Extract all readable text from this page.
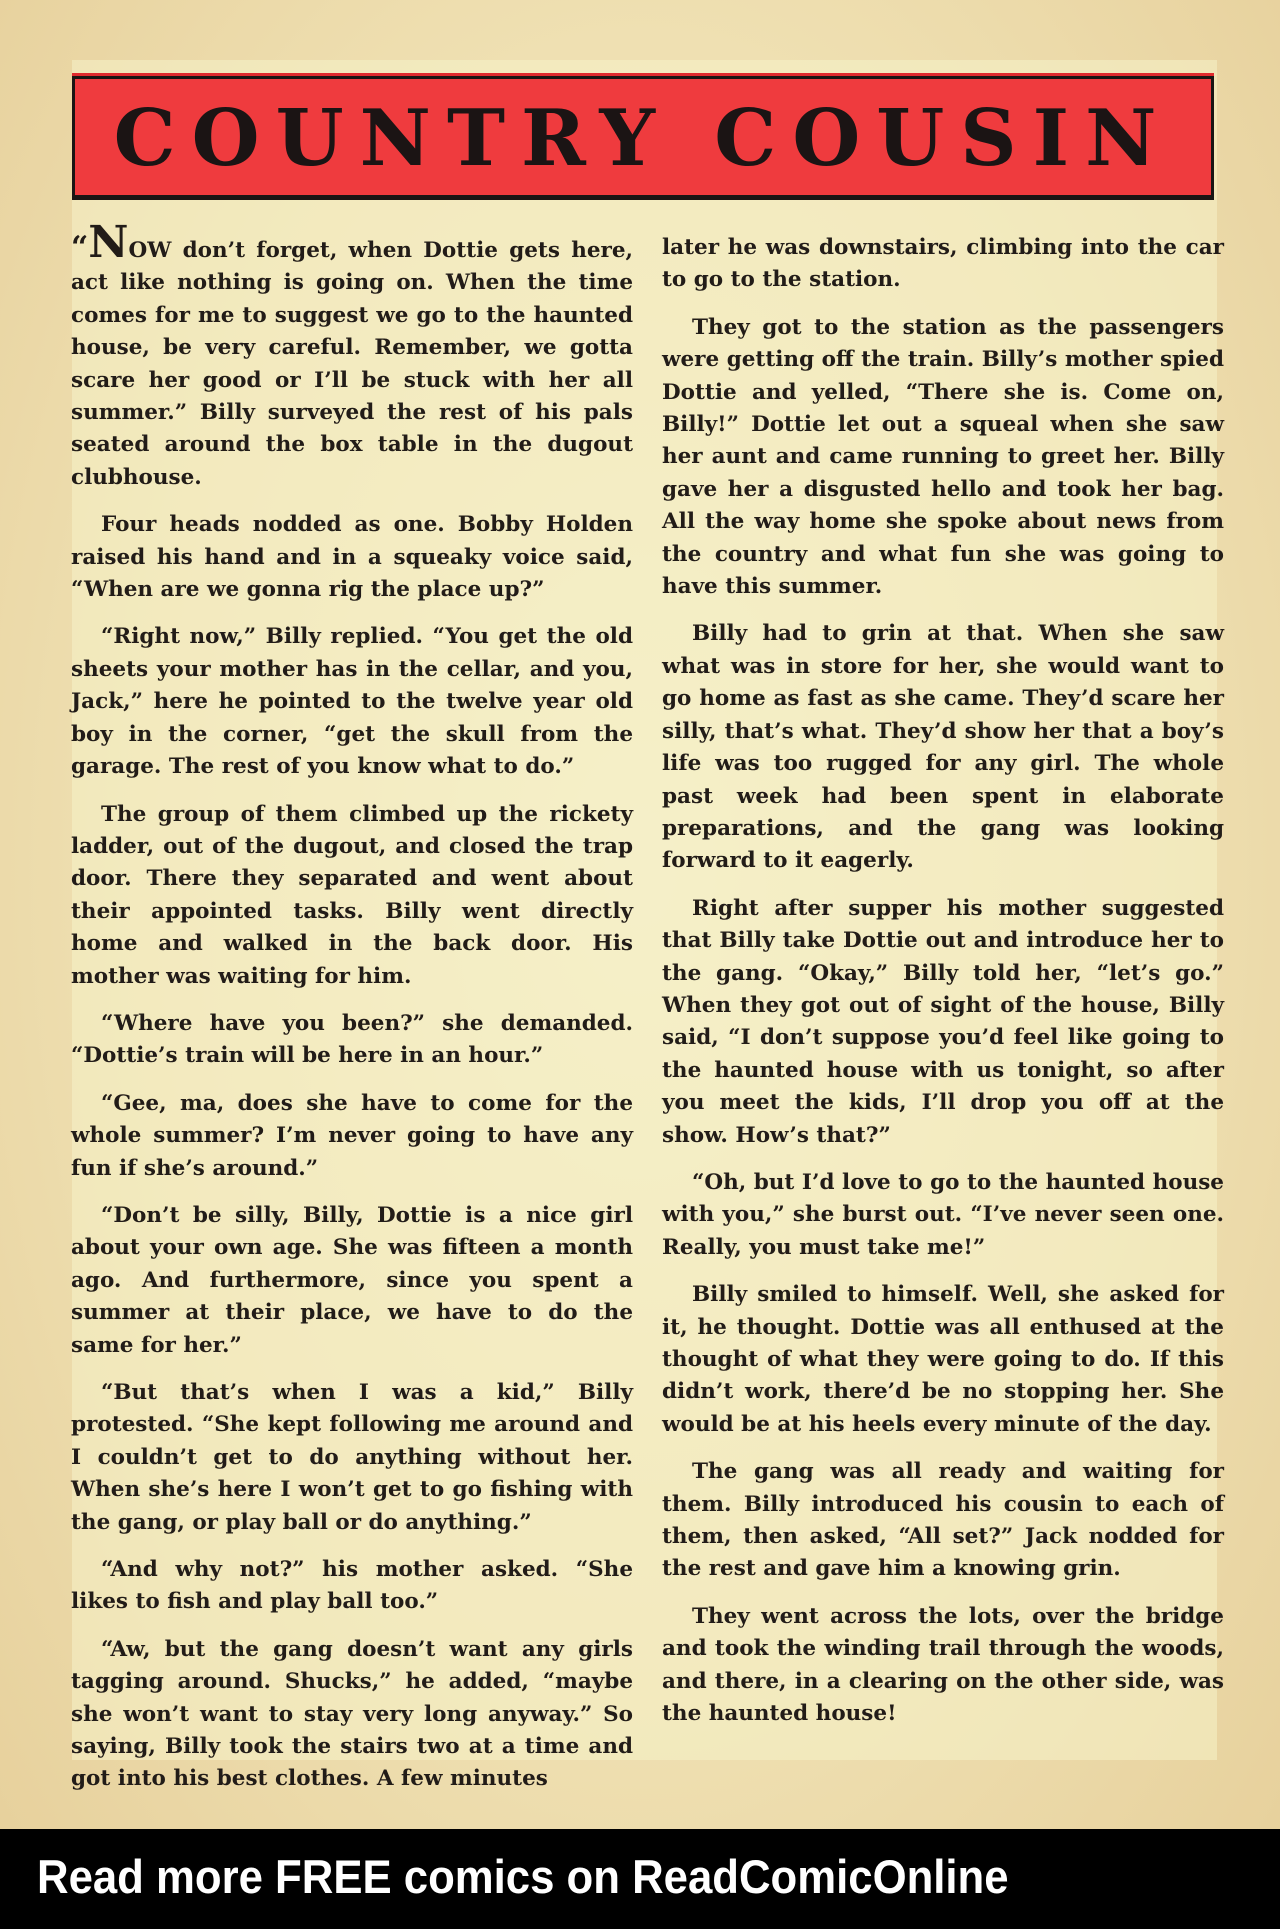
COUNTRY COUSIN

“NOW don’t forget, when Dottie gets here, act like nothing is going on. When the time comes for me to suggest we go to the haunted house, be very careful. Remember, we gotta scare her good or I’ll be stuck with her all summer.” Billy surveyed the rest of his pals seated around the box table in the dugout clubhouse.

Four heads nodded as one. Bobby Holden raised his hand and in a squeaky voice said, “When are we gonna rig the place up?”

“Right now,” Billy replied. “You get the old sheets your mother has in the cellar, and you, Jack,” here he pointed to the twelve year old boy in the corner, “get the skull from the garage. The rest of you know what to do.”

The group of them climbed up the rickety ladder, out of the dugout, and closed the trap door. There they separated and went about their appointed tasks. Billy went directly home and walked in the back door. His mother was waiting for him.

“Where have you been?” she demanded. “Dottie’s train will be here in an hour.”

“Gee, ma, does she have to come for the whole summer? I’m never going to have any fun if she’s around.”

“Don’t be silly, Billy, Dottie is a nice girl about your own age. She was fifteen a month ago. And furthermore, since you spent a summer at their place, we have to do the same for her.”

“But that’s when I was a kid,” Billy protested. “She kept following me around and I couldn’t get to do anything without her. When she’s here I won’t get to go fishing with the gang, or play ball or do anything.”

“And why not?” his mother asked. “She likes to fish and play ball too.”

“Aw, but the gang doesn’t want any girls tagging around. Shucks,” he added, “maybe she won’t want to stay very long anyway.” So saying, Billy took the stairs two at a time and got into his best clothes. A few minutes

later he was downstairs, climbing into the car to go to the station.

They got to the station as the passengers were getting off the train. Billy’s mother spied Dottie and yelled, “There she is. Come on, Billy!” Dottie let out a squeal when she saw her aunt and came running to greet her. Billy gave her a disgusted hello and took her bag. All the way home she spoke about news from the country and what fun she was going to have this summer.

Billy had to grin at that. When she saw what was in store for her, she would want to go home as fast as she came. They’d scare her silly, that’s what. They’d show her that a boy’s life was too rugged for any girl. The whole past week had been spent in elaborate preparations, and the gang was looking forward to it eagerly.

Right after supper his mother suggested that Billy take Dottie out and introduce her to the gang. “Okay,” Billy told her, “let’s go.” When they got out of sight of the house, Billy said, “I don’t suppose you’d feel like going to the haunted house with us tonight, so after you meet the kids, I’ll drop you off at the show. How’s that?”

“Oh, but I’d love to go to the haunted house with you,” she burst out. “I’ve never seen one. Really, you must take me!”

Billy smiled to himself. Well, she asked for it, he thought. Dottie was all enthused at the thought of what they were going to do. If this didn’t work, there’d be no stopping her. She would be at his heels every minute of the day.

The gang was all ready and waiting for them. Billy introduced his cousin to each of them, then asked, “All set?” Jack nodded for the rest and gave him a knowing grin.

They went across the lots, over the bridge and took the winding trail through the woods, and there, in a clearing on the other side, was the haunted house!

Read more FREE comics on ReadComicOnline
